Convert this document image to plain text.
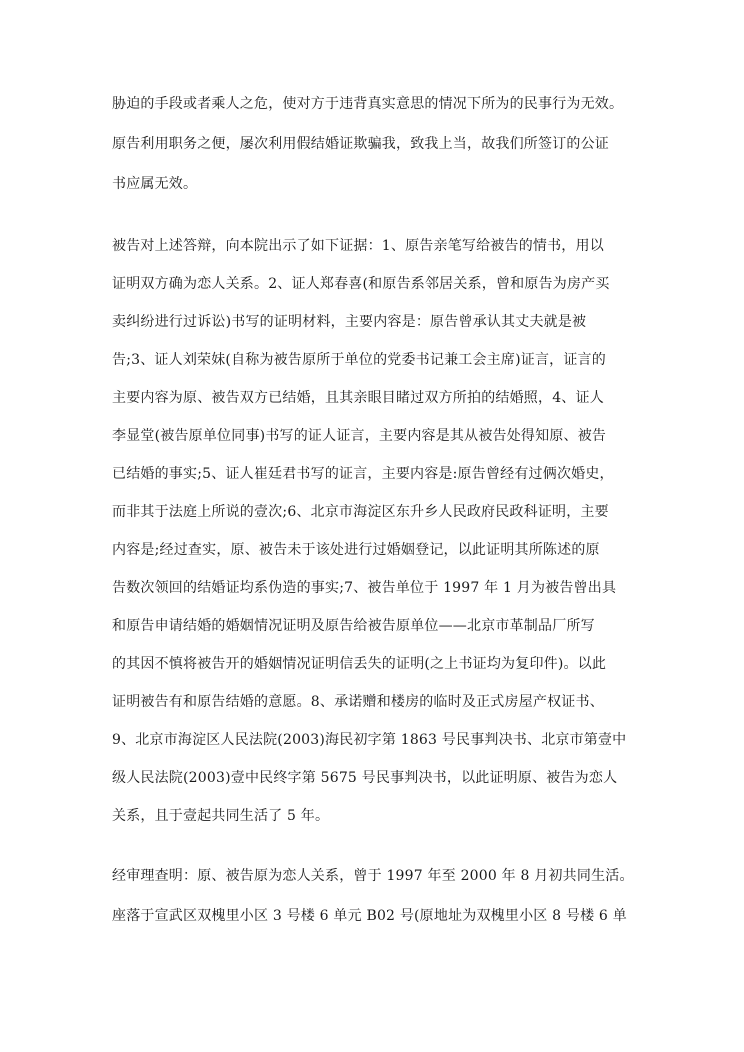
胁迫的手段或者乘人之危，使对方于违背真实意思的情况下所为的民事行为无效。
原告利用职务之便，屡次利用假结婚证欺骗我，致我上当，故我们所签订的公证
书应属无效。
被告对上述答辩，向本院出示了如下证据：1、原告亲笔写给被告的情书，用以
证明双方确为恋人关系。2、证人郑春喜(和原告系邻居关系，曾和原告为房产买
卖纠纷进行过诉讼)书写的证明材料，主要内容是：原告曾承认其丈夫就是被
告;3、证人刘荣妹(自称为被告原所于单位的党委书记兼工会主席)证言，证言的
主要内容为原、被告双方已结婚，且其亲眼目睹过双方所拍的结婚照，4、证人
李显堂(被告原单位同事)书写的证人证言，主要内容是其从被告处得知原、被告
已结婚的事实;5、证人崔廷君书写的证言，主要内容是:原告曾经有过俩次婚史，
而非其于法庭上所说的壹次;6、北京市海淀区东升乡人民政府民政科证明，主要
内容是;经过查实，原、被告未于该处进行过婚姻登记，以此证明其所陈述的原
告数次领回的结婚证均系伪造的事实;7、被告单位于 1997 年 1 月为被告曾出具
和原告申请结婚的婚姻情况证明及原告给被告原单位——北京市革制品厂所写
的其因不慎将被告开的婚姻情况证明信丢失的证明(之上书证均为复印件)。以此
证明被告有和原告结婚的意愿。8、承诺赠和楼房的临时及正式房屋产权证书、
9、北京市海淀区人民法院(2003)海民初字第 1863 号民事判决书、北京市第壹中
级人民法院(2003)壹中民终字第 5675 号民事判决书，以此证明原、被告为恋人
关系，且于壹起共同生活了 5 年。
经审理查明：原、被告原为恋人关系，曾于 1997 年至 2000 年 8 月初共同生活。
座落于宣武区双槐里小区 3 号楼 6 单元 B02 号(原地址为双槐里小区 8 号楼 6 单
